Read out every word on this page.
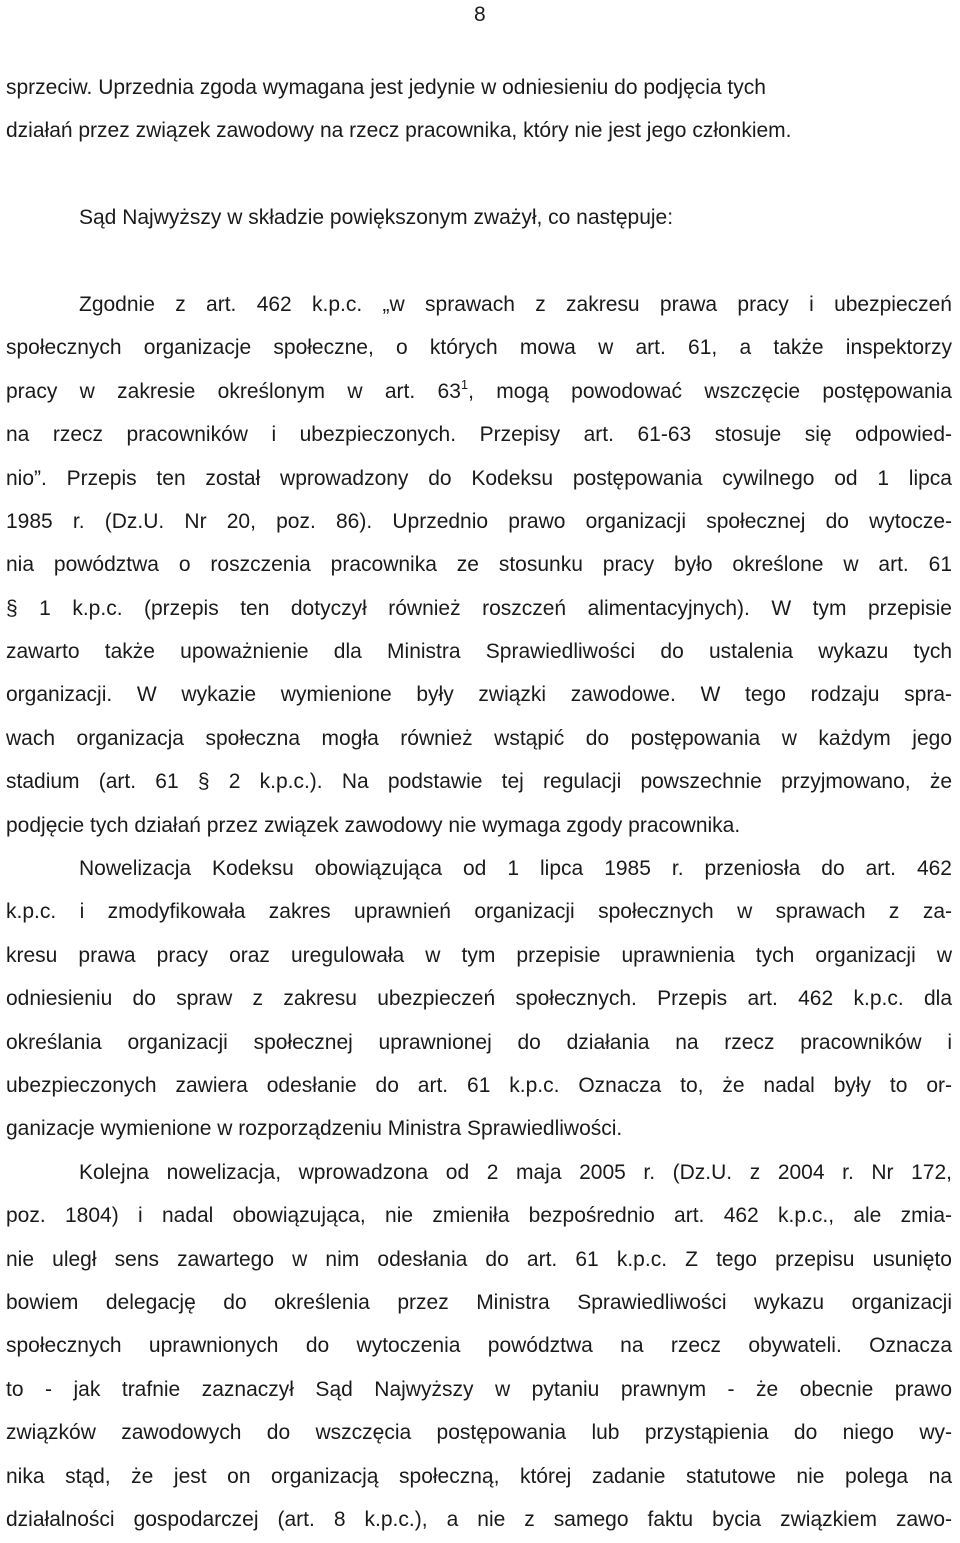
8
sprzeciw. Uprzednia zgoda wymagana jest jedynie w odniesieniu do podjęcia tych
działań przez związek zawodowy na rzecz pracownika, który nie jest jego członkiem.

Sąd Najwyższy w składzie powiększonym zważył, co następuje:

Zgodnie z art. 462 k.p.c. „w sprawach z zakresu prawa pracy i ubezpieczeń
społecznych organizacje społeczne, o których mowa w art. 61, a także inspektorzy
pracy w zakresie określonym w art. $63^1$, mogą powodować wszczęcie postępowania
na rzecz pracowników i ubezpieczonych. Przepisy art. 61-63 stosuje się odpowied-
nio”. Przepis ten został wprowadzony do Kodeksu postępowania cywilnego od 1 lipca
1985 r. (Dz.U. Nr 20, poz. 86). Uprzednio prawo organizacji społecznej do wytocze-
nia powództwa o roszczenia pracownika ze stosunku pracy było określone w art. 61
§ 1 k.p.c. (przepis ten dotyczył również roszczeń alimentacyjnych). W tym przepisie
zawarto także upoważnienie dla Ministra Sprawiedliwości do ustalenia wykazu tych
organizacji. W wykazie wymienione były związki zawodowe. W tego rodzaju spra-
wach organizacja społeczna mogła również wstąpić do postępowania w każdym jego
stadium (art. 61 § 2 k.p.c.). Na podstawie tej regulacji powszechnie przyjmowano, że
podjęcie tych działań przez związek zawodowy nie wymaga zgody pracownika.
Nowelizacja Kodeksu obowiązująca od 1 lipca 1985 r. przeniosła do art. 462
k.p.c. i zmodyfikowała zakres uprawnień organizacji społecznych w sprawach z za-
kresu prawa pracy oraz uregulowała w tym przepisie uprawnienia tych organizacji w
odniesieniu do spraw z zakresu ubezpieczeń społecznych. Przepis art. 462 k.p.c. dla
określania organizacji społecznej uprawnionej do działania na rzecz pracowników i
ubezpieczonych zawiera odesłanie do art. 61 k.p.c. Oznacza to, że nadal były to or-
ganizacje wymienione w rozporządzeniu Ministra Sprawiedliwości.
Kolejna nowelizacja, wprowadzona od 2 maja 2005 r. (Dz.U. z 2004 r. Nr 172,
poz. 1804) i nadal obowiązująca, nie zmieniła bezpośrednio art. 462 k.p.c., ale zmia-
nie uległ sens zawartego w nim odesłania do art. 61 k.p.c. Z tego przepisu usunięto
bowiem delegację do określenia przez Ministra Sprawiedliwości wykazu organizacji
społecznych uprawnionych do wytoczenia powództwa na rzecz obywateli. Oznacza
to - jak trafnie zaznaczył Sąd Najwyższy w pytaniu prawnym - że obecnie prawo
związków zawodowych do wszczęcia postępowania lub przystąpienia do niego wy-
nika stąd, że jest on organizacją społeczną, której zadanie statutowe nie polega na
działalności gospodarczej (art. 8 k.p.c.), a nie z samego faktu bycia związkiem zawo-
